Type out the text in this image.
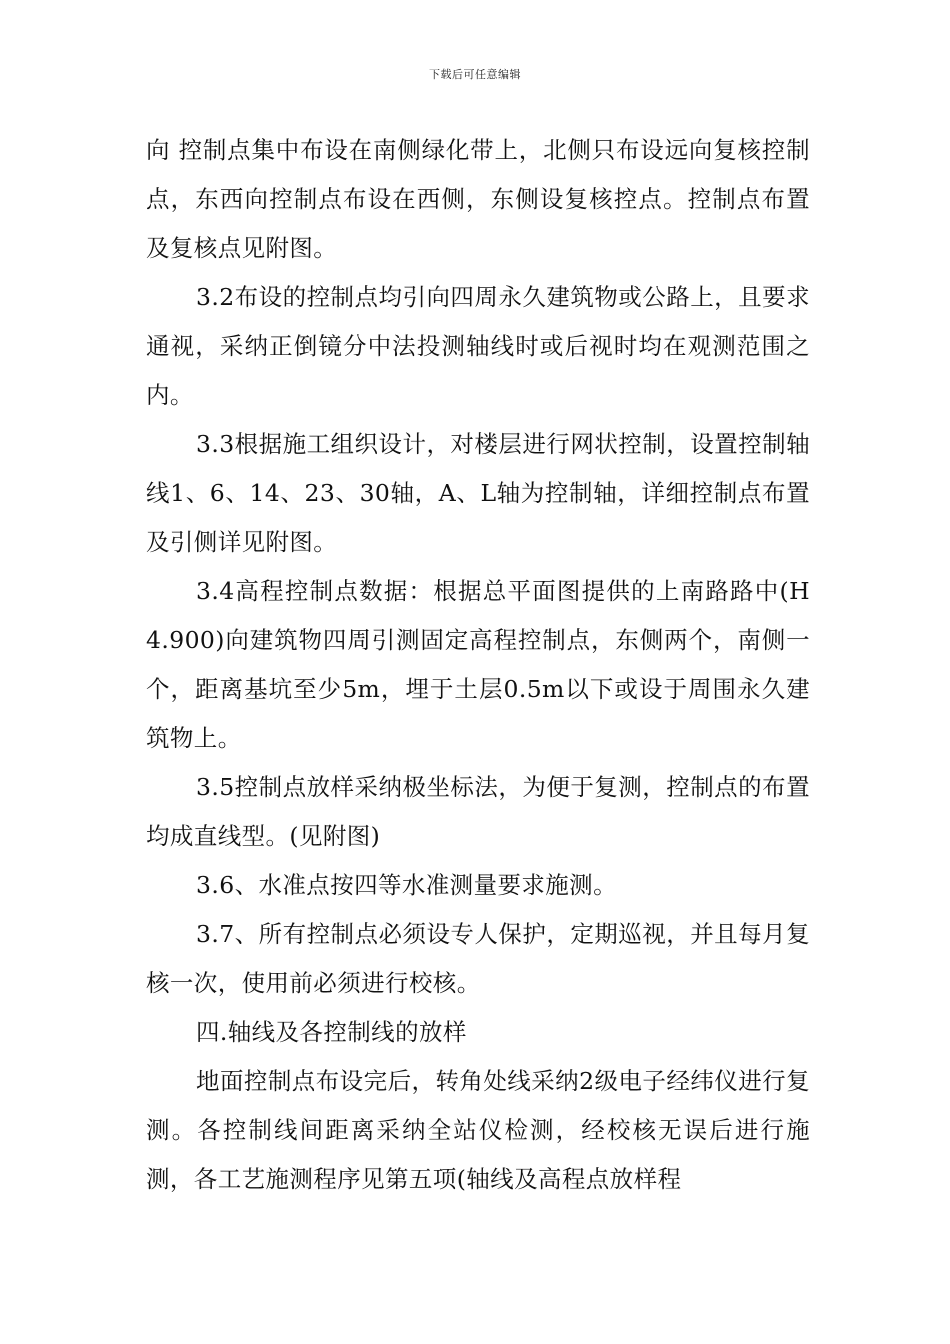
下载后可任意编辑

向 控制点集中布设在南侧绿化带上，北侧只布设远向复核控制点，东西向控制点布设在西侧，东侧设复核控点。控制点布置及复核点见附图。

3.2布设的控制点均引向四周永久建筑物或公路上，且要求通视，采纳正倒镜分中法投测轴线时或后视时均在观测范围之内。

3.3根据施工组织设计，对楼层进行网状控制，设置控制轴线1、6、14、23、30轴，A、L轴为控制轴，详细控制点布置及引侧详见附图。

3.4高程控制点数据：根据总平面图提供的上南路路中(H4.900)向建筑物四周引测固定高程控制点，东侧两个，南侧一个，距离基坑至少5m，埋于土层0.5m以下或设于周围永久建筑物上。

3.5控制点放样采纳极坐标法，为便于复测，控制点的布置均成直线型。(见附图)

3.6、水准点按四等水准测量要求施测。

3.7、所有控制点必须设专人保护，定期巡视，并且每月复核一次，使用前必须进行校核。

四.轴线及各控制线的放样

地面控制点布设完后，转角处线采纳2级电子经纬仪进行复测。各控制线间距离采纳全站仪检测，经校核无误后进行施测，各工艺施测程序见第五项(轴线及高程点放样程
